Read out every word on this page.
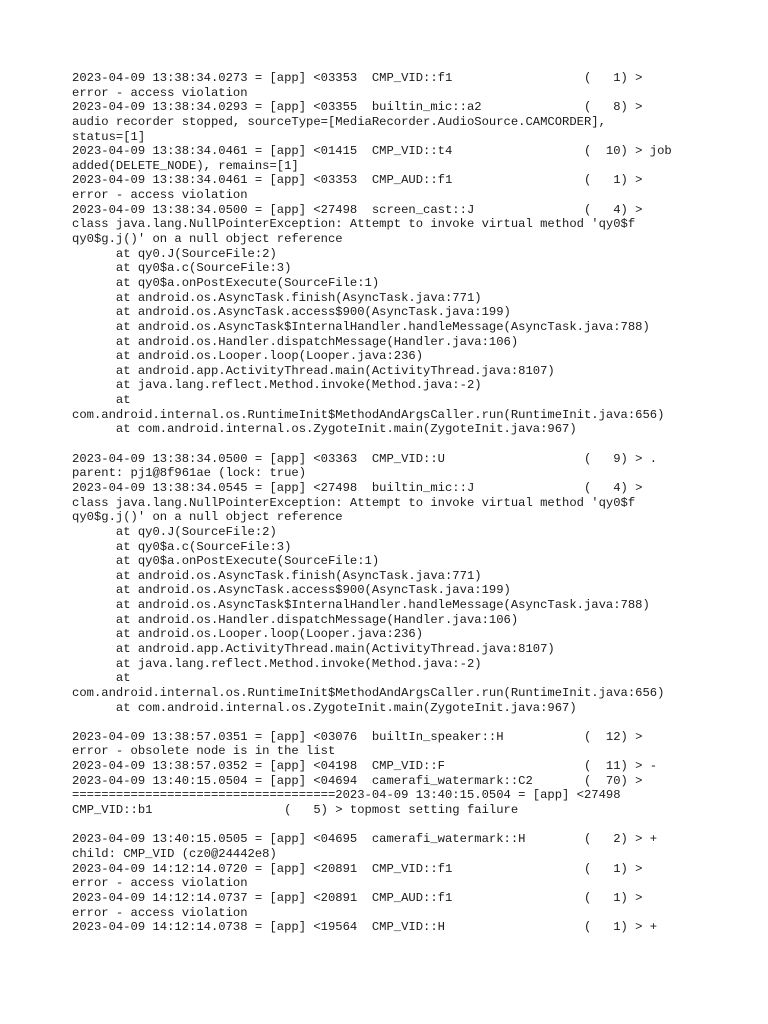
2023-04-09 13:38:34.0273 = [app] <03353  CMP_VID::f1                  (   1) >
error - access violation
2023-04-09 13:38:34.0293 = [app] <03355  builtin_mic::a2              (   8) >
audio recorder stopped, sourceType=[MediaRecorder.AudioSource.CAMCORDER],
status=[1]
2023-04-09 13:38:34.0461 = [app] <01415  CMP_VID::t4                  (  10) > job
added(DELETE_NODE), remains=[1]
2023-04-09 13:38:34.0461 = [app] <03353  CMP_AUD::f1                  (   1) >
error - access violation
2023-04-09 13:38:34.0500 = [app] <27498  screen_cast::J               (   4) >
class java.lang.NullPointerException: Attempt to invoke virtual method 'qy0$f
qy0$g.j()' on a null object reference
at qy0.J(SourceFile:2)
at qy0$a.c(SourceFile:3)
at qy0$a.onPostExecute(SourceFile:1)
at android.os.AsyncTask.finish(AsyncTask.java:771)
at android.os.AsyncTask.access$900(AsyncTask.java:199)
at android.os.AsyncTask$InternalHandler.handleMessage(AsyncTask.java:788)
at android.os.Handler.dispatchMessage(Handler.java:106)
at android.os.Looper.loop(Looper.java:236)
at android.app.ActivityThread.main(ActivityThread.java:8107)
at java.lang.reflect.Method.invoke(Method.java:-2)
at
com.android.internal.os.RuntimeInit$MethodAndArgsCaller.run(RuntimeInit.java:656)
at com.android.internal.os.ZygoteInit.main(ZygoteInit.java:967)
2023-04-09 13:38:34.0500 = [app] <03363  CMP_VID::U                   (   9) > .
parent: pj1@8f961ae (lock: true)
2023-04-09 13:38:34.0545 = [app] <27498  builtin_mic::J               (   4) >
class java.lang.NullPointerException: Attempt to invoke virtual method 'qy0$f
qy0$g.j()' on a null object reference
at qy0.J(SourceFile:2)
at qy0$a.c(SourceFile:3)
at qy0$a.onPostExecute(SourceFile:1)
at android.os.AsyncTask.finish(AsyncTask.java:771)
at android.os.AsyncTask.access$900(AsyncTask.java:199)
at android.os.AsyncTask$InternalHandler.handleMessage(AsyncTask.java:788)
at android.os.Handler.dispatchMessage(Handler.java:106)
at android.os.Looper.loop(Looper.java:236)
at android.app.ActivityThread.main(ActivityThread.java:8107)
at java.lang.reflect.Method.invoke(Method.java:-2)
at
com.android.internal.os.RuntimeInit$MethodAndArgsCaller.run(RuntimeInit.java:656)
at com.android.internal.os.ZygoteInit.main(ZygoteInit.java:967)
2023-04-09 13:38:57.0351 = [app] <03076  builtIn_speaker::H           (  12) >
error - obsolete node is in the list
2023-04-09 13:38:57.0352 = [app] <04198  CMP_VID::F                   (  11) > -
2023-04-09 13:40:15.0504 = [app] <04694  camerafi_watermark::C2       (  70) >
====================================2023-04-09 13:40:15.0504 = [app] <27498
CMP_VID::b1                  (   5) > topmost setting failure
2023-04-09 13:40:15.0505 = [app] <04695  camerafi_watermark::H        (   2) > +
child: CMP_VID (cz0@24442e8)
2023-04-09 14:12:14.0720 = [app] <20891  CMP_VID::f1                  (   1) >
error - access violation
2023-04-09 14:12:14.0737 = [app] <20891  CMP_AUD::f1                  (   1) >
error - access violation
2023-04-09 14:12:14.0738 = [app] <19564  CMP_VID::H                   (   1) > +
